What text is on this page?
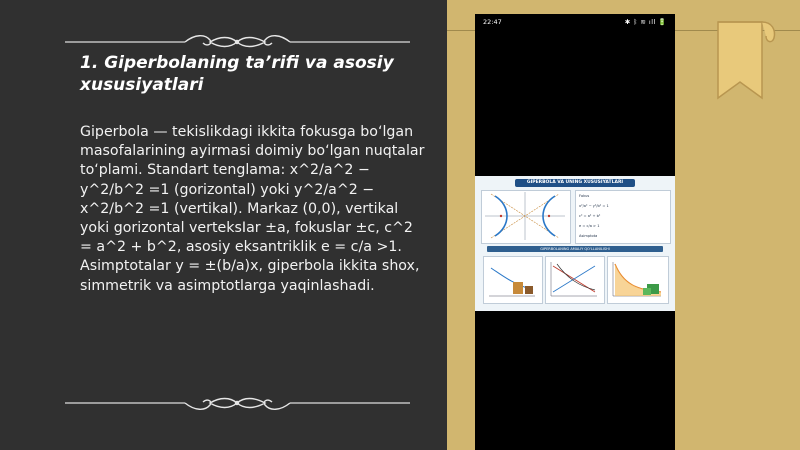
1. Giperbolaning ta’rifi va asosiy xususiyatlari

Giperbola — tekislikdagi ikkita fokusga bo‘lgan masofalarining ayirmasi doimiy bo‘lgan nuqtalar to‘plami. Standart tenglama: x^2/a^2 − y^2/b^2 =1 (gorizontal) yoki y^2/a^2 − x^2/b^2 =1 (vertikal). Markaz (0,0), vertikal yoki gorizontal verteksIar ±a, fokuslar ±c, c^2 = a^2 + b^2, asosiy eksantriklik e = c/a >1. Asimptotalar y = ±(b/a)x, giperbola ikkita shox, simmetrik va asimptotlarga yaqinlashadi.

22:47	✱ ᛒ ≋ ıll 🔋
GIPERBOLA VA UNING XUSUSIYATLARI
Fokus
x²/a² − y²/b² = 1
c² = a² + b²
e = c/a > 1
Asimptota
GIPERBOLANING AMALIY QO'LLANILISHI
